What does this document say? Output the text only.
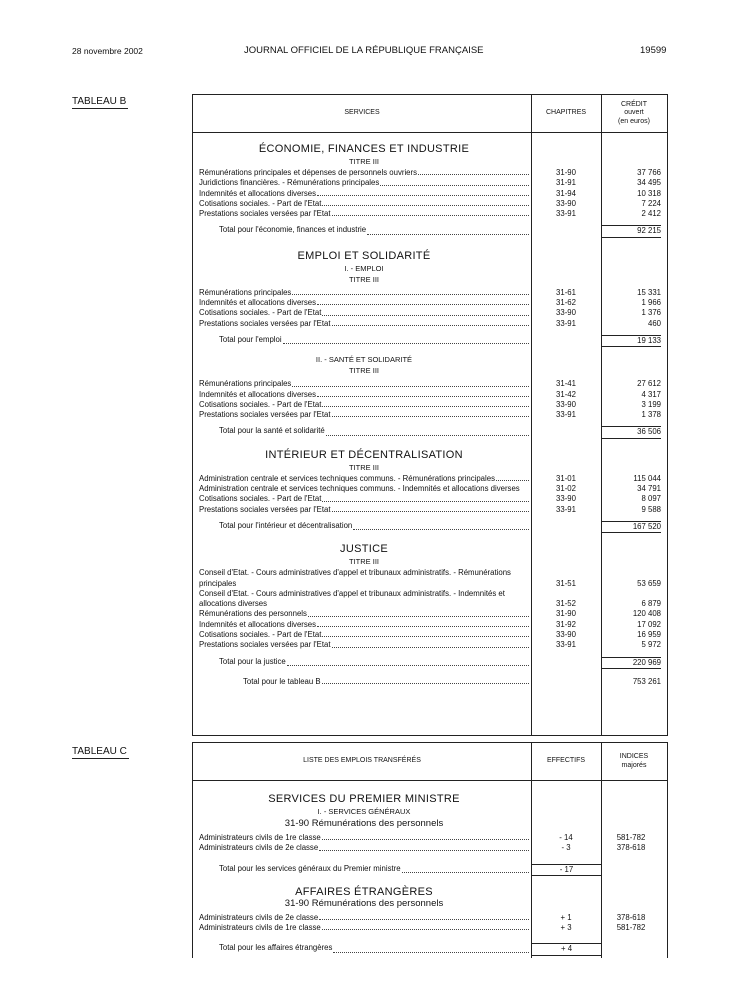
28 novembre 2002	JOURNAL OFFICIEL DE LA RÉPUBLIQUE FRANÇAISE	19599
TABLEAU B
SERVICES	CHAPITRES
CRÉDIT
ouvert
(en euros)
ÉCONOMIE, FINANCES ET INDUSTRIE
TITRE III
Rémunérations principales et dépenses de personnels ouvriers	31-90	37 766
Juridictions financières. - Rémunérations principales	31-91	34 495
Indemnités et allocations diverses	31-94	10 318
Cotisations sociales. - Part de l'Etat	33-90	7 224
Prestations sociales versées par l'Etat	33-91	2 412
Total pour l'économie, finances et industrie	92 215
EMPLOI ET SOLIDARITÉ
I. - EMPLOI
TITRE III
Rémunérations principales	31-61	15 331
Indemnités et allocations diverses	31-62	1 966
Cotisations sociales. - Part de l'Etat	33-90	1 376
Prestations sociales versées par l'Etat	33-91	460
Total pour l'emploi	19 133
II. - SANTÉ ET SOLIDARITÉ
TITRE III
Rémunérations principales	31-41	27 612
Indemnités et allocations diverses	31-42	4 317
Cotisations sociales. - Part de l'Etat	33-90	3 199
Prestations sociales versées par l'Etat	33-91	1 378
Total pour la santé et solidarité	36 506
INTÉRIEUR ET DÉCENTRALISATION
TITRE III
Administration centrale et services techniques communs. - Rémunérations principales	31-01	115 044
Administration centrale et services techniques communs. - Indemnités et allocations diverses	31-02	34 791
Cotisations sociales. - Part de l'Etat	33-90	8 097
Prestations sociales versées par l'Etat	33-91	9 588
Total pour l'intérieur et décentralisation	167 520
JUSTICE
TITRE III
Conseil d'Etat. - Cours administratives d'appel et tribunaux administratifs. - Rémunérations principales	31-51	53 659
Conseil d'Etat. - Cours administratives d'appel et tribunaux administratifs. - Indemnités et allocations diverses	31-52	6 879
Rémunérations des personnels	31-90	120 408
Indemnités et allocations diverses	31-92	17 092
Cotisations sociales. - Part de l'Etat	33-90	16 959
Prestations sociales versées par l'Etat	33-91	5 972
Total pour la justice	220 969
Total pour le tableau B	753 261
TABLEAU C
LISTE DES EMPLOIS TRANSFÉRÉS	EFFECTIFS
INDICES
majorés
SERVICES DU PREMIER MINISTRE
I. - SERVICES GÉNÉRAUX
31-90 Rémunérations des personnels
Administrateurs civils de 1re classe	- 14	581-782
Administrateurs civils de 2e classe	- 3	378-618
Total pour les services généraux du Premier ministre	- 17
AFFAIRES ÉTRANGÈRES
31-90 Rémunérations des personnels
Administrateurs civils de 2e classe	+ 1	378-618
Administrateurs civils de 1re classe	+ 3	581-782
Total pour les affaires étrangères	+ 4
